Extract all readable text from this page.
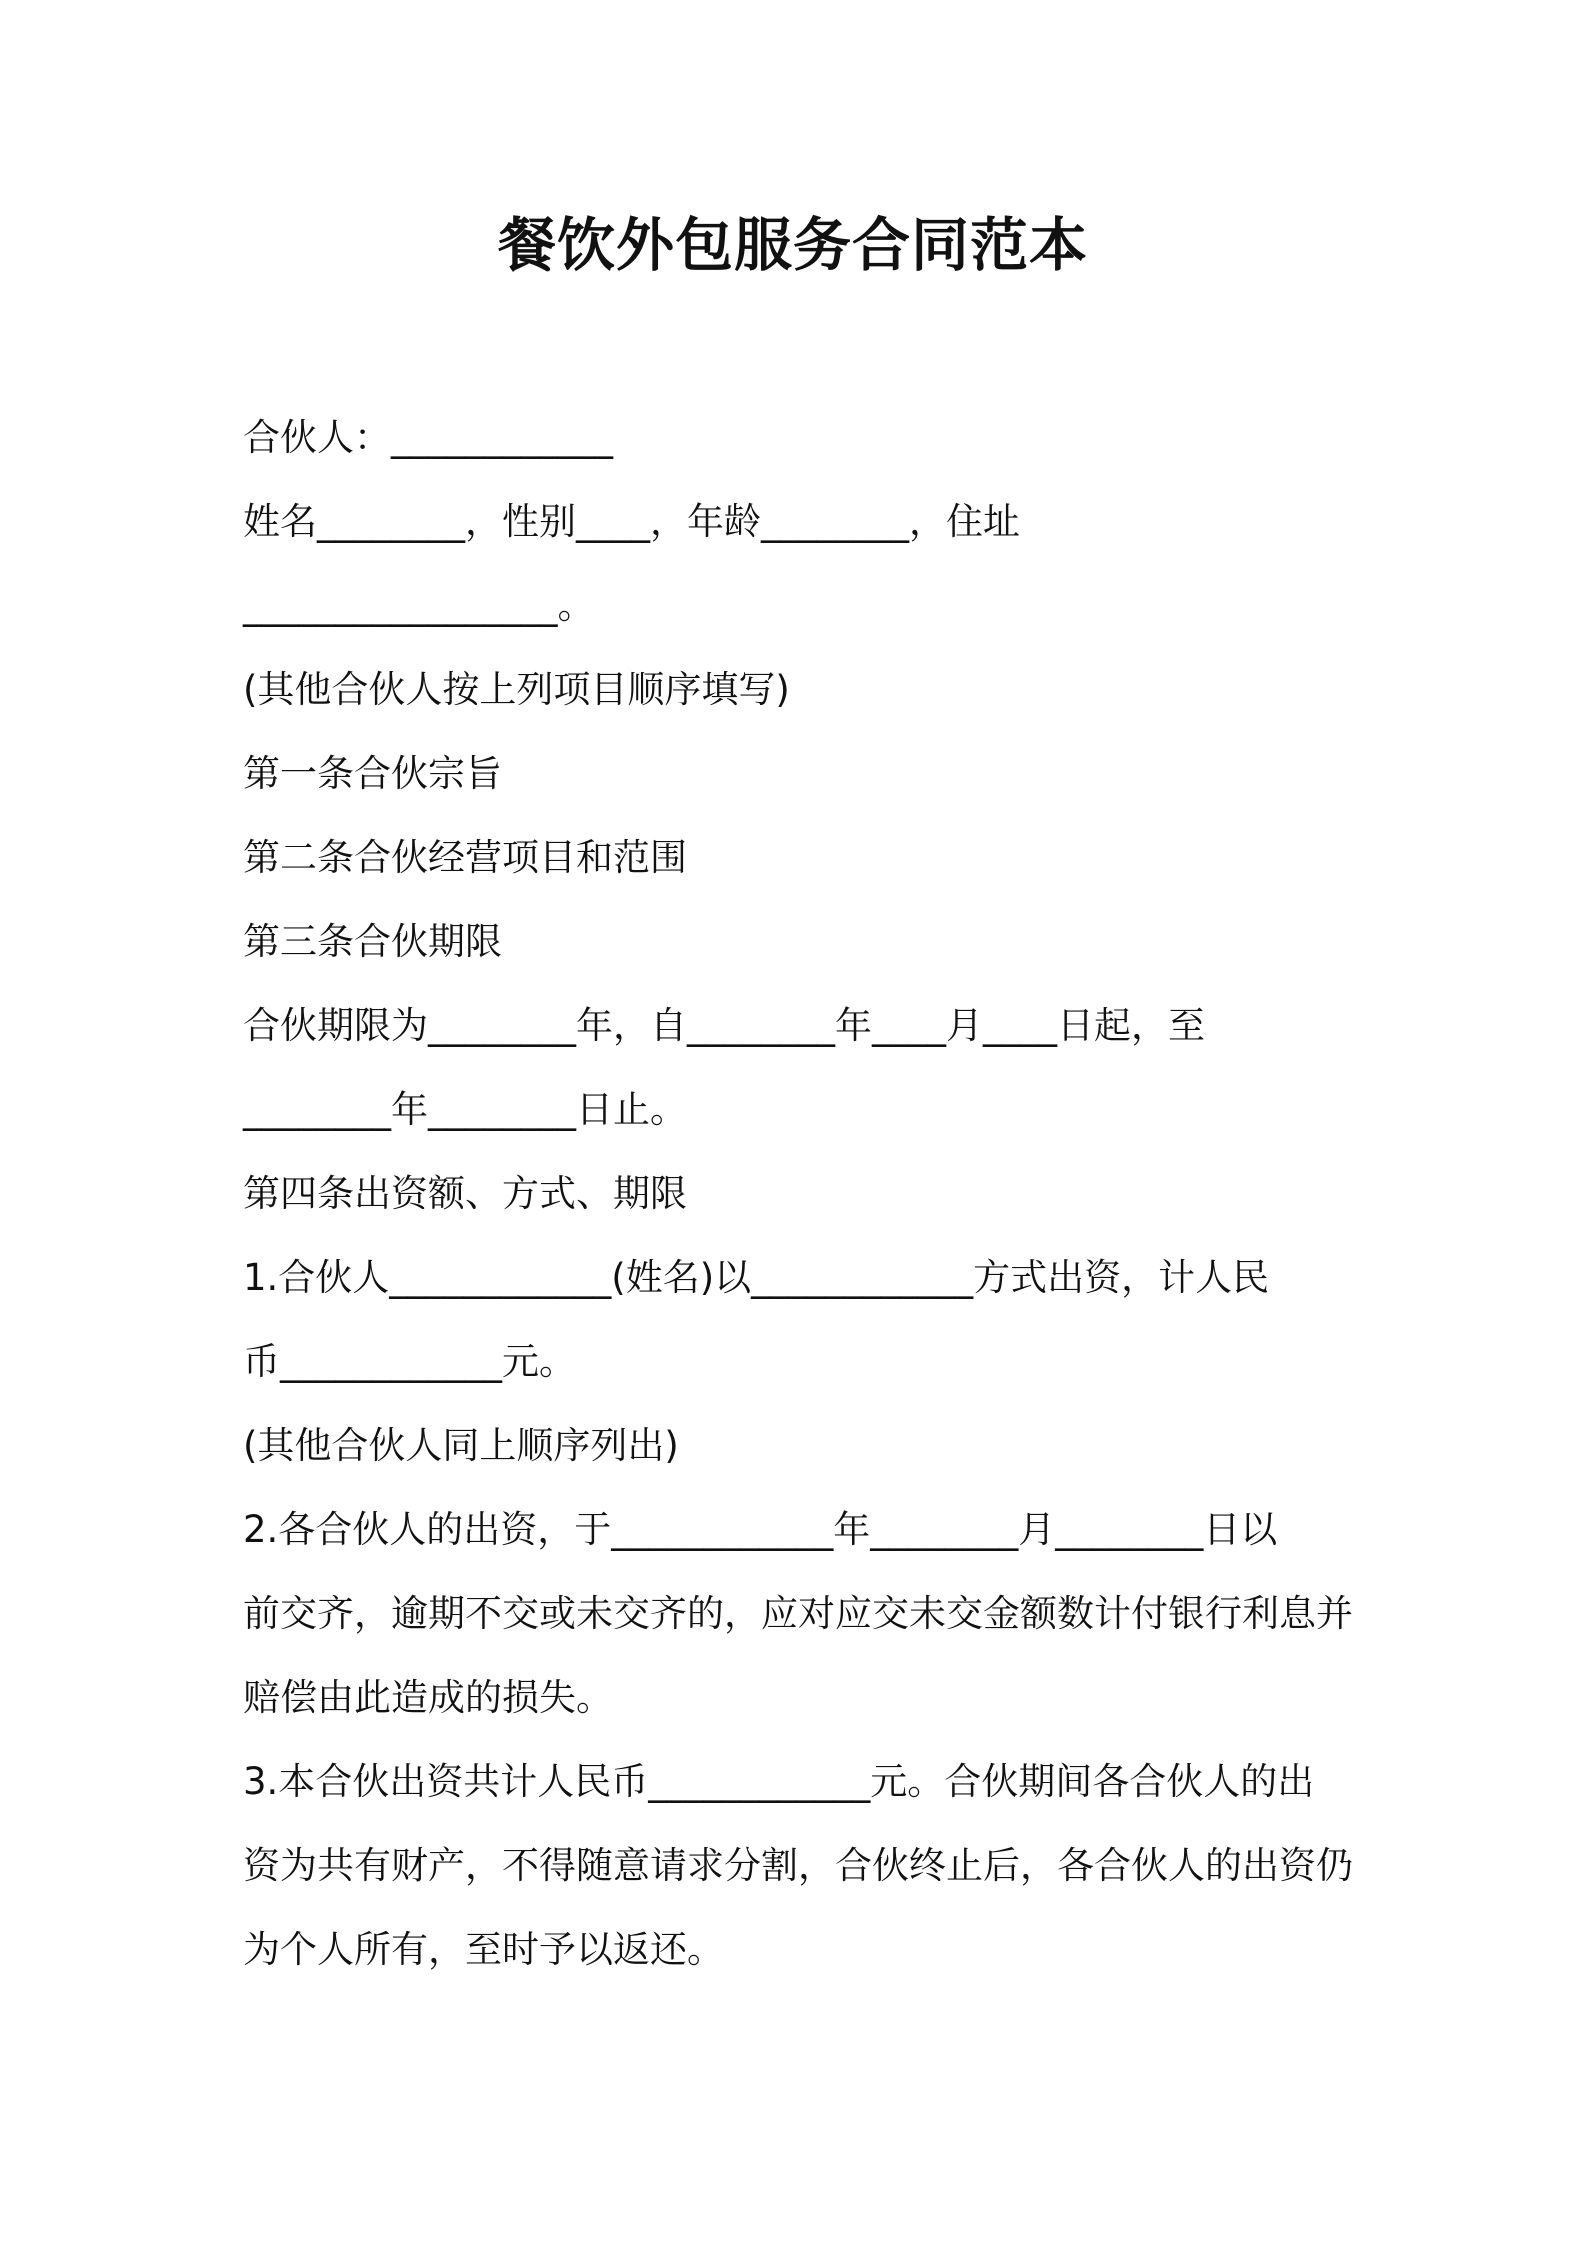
餐饮外包服务合同范本

合伙人：____________

姓名________，性别____，年龄________，住址

_________________。

(其他合伙人按上列项目顺序填写)

第一条合伙宗旨

第二条合伙经营项目和范围

第三条合伙期限

合伙期限为________年，自________年____月____日起，至

________年________日止。

第四条出资额、方式、期限

1.合伙人____________(姓名)以____________方式出资，计人民

币____________元。

(其他合伙人同上顺序列出)

2.各合伙人的出资，于____________年________月________日以

前交齐，逾期不交或未交齐的，应对应交未交金额数计付银行利息并

赔偿由此造成的损失。

3.本合伙出资共计人民币____________元。合伙期间各合伙人的出

资为共有财产，不得随意请求分割，合伙终止后，各合伙人的出资仍

为个人所有，至时予以返还。
